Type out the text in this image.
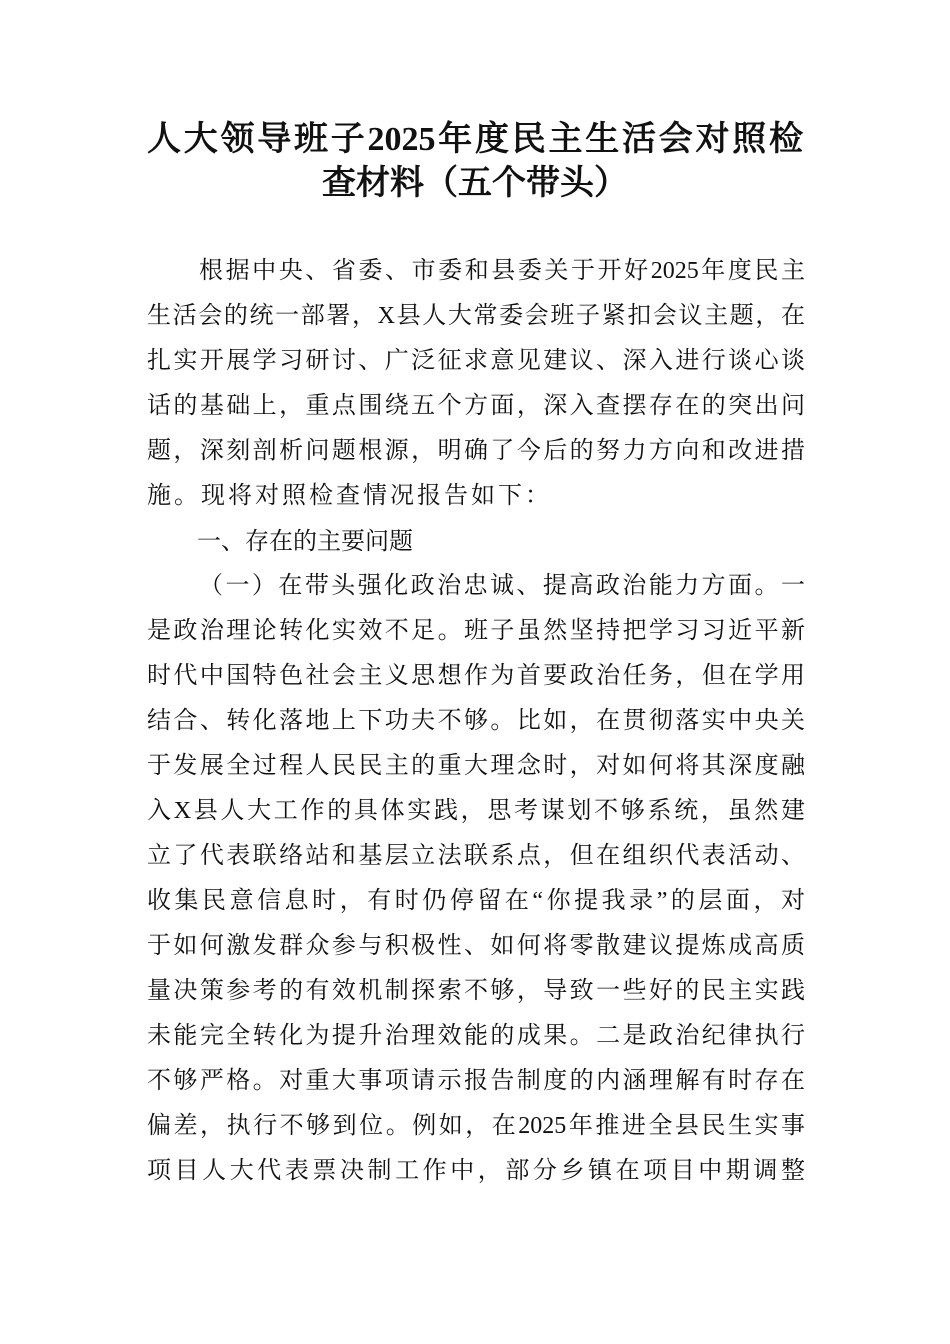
人大领导班子2025年度民主生活会对照检
查材料（五个带头）
根据中央、省委、市委和县委关于开好2025年度民主
生活会的统一部署，X县人大常委会班子紧扣会议主题，在
扎实开展学习研讨、广泛征求意见建议、深入进行谈心谈
话的基础上，重点围绕五个方面，深入查摆存在的突出问
题，深刻剖析问题根源，明确了今后的努力方向和改进措
施。现将对照检查情况报告如下：
一、存在的主要问题
（一）在带头强化政治忠诚、提高政治能力方面。一
是政治理论转化实效不足。班子虽然坚持把学习习近平新
时代中国特色社会主义思想作为首要政治任务，但在学用
结合、转化落地上下功夫不够。比如，在贯彻落实中央关
于发展全过程人民民主的重大理念时，对如何将其深度融
入X县人大工作的具体实践，思考谋划不够系统，虽然建
立了代表联络站和基层立法联系点，但在组织代表活动、
收集民意信息时，有时仍停留在“你提我录”的层面，对
于如何激发群众参与积极性、如何将零散建议提炼成高质
量决策参考的有效机制探索不够，导致一些好的民主实践
未能完全转化为提升治理效能的成果。二是政治纪律执行
不够严格。对重大事项请示报告制度的内涵理解有时存在
偏差，执行不够到位。例如，在2025年推进全县民生实事
项目人大代表票决制工作中，部分乡镇在项目中期调整
